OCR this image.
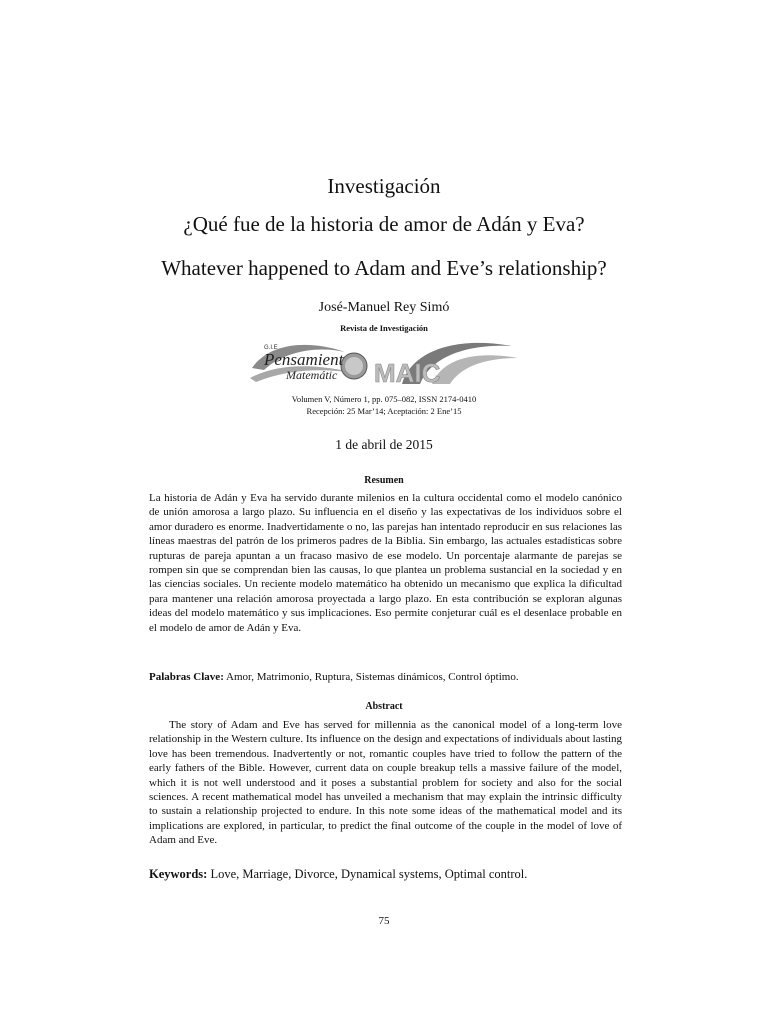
Investigación
¿Qué fue de la historia de amor de Adán y Eva?
Whatever happened to Adam and Eve’s relationship?
José-Manuel Rey Simó
Revista de Investigación
G.I.E
Pensamient
Matemátic MAIC
Volumen V, Número 1, pp. 075–082, ISSN 2174-0410
Recepción: 25 Mar’14; Aceptación: 2 Ene’15
1 de abril de 2015
Resumen
La historia de Adán y Eva ha servido durante milenios en la cultura occidental como el modelo canónico de unión amorosa a largo plazo. Su influencia en el diseño y las expectativas de los individuos sobre el amor duradero es enorme. Inadvertidamente o no, las parejas han intentado reproducir en sus relaciones las líneas maestras del patrón de los primeros padres de la Biblia. Sin embargo, las actuales estadísticas sobre rupturas de pareja apuntan a un fracaso masivo de ese modelo. Un porcentaje alarmante de parejas se rompen sin que se comprendan bien las causas, lo que plantea un problema sustancial en la sociedad y en las ciencias sociales. Un reciente modelo matemático ha obtenido un mecanismo que explica la dificultad para mantener una relación amorosa proyectada a largo plazo. En esta contribución se exploran algunas ideas del modelo matemático y sus implicaciones. Eso permite conjeturar cuál es el desenlace probable en el modelo de amor de Adán y Eva.
Palabras Clave: Amor, Matrimonio, Ruptura, Sistemas dinámicos, Control óptimo.
Abstract
The story of Adam and Eve has served for millennia as the canonical model of a long-term love relationship in the Western culture. Its influence on the design and expectations of individuals about lasting love has been tremendous. Inadvertently or not, romantic couples have tried to follow the pattern of the early fathers of the Bible. However, current data on couple breakup tells a massive failure of the model, which it is not well understood and it poses a substantial problem for society and also for the social sciences. A recent mathematical model has unveiled a mechanism that may explain the intrinsic difficulty to sustain a relationship projected to endure. In this note some ideas of the mathematical model and its implications are explored, in particular, to predict the final outcome of the couple in the model of love of Adam and Eve.
Keywords: Love, Marriage, Divorce, Dynamical systems, Optimal control.
75
